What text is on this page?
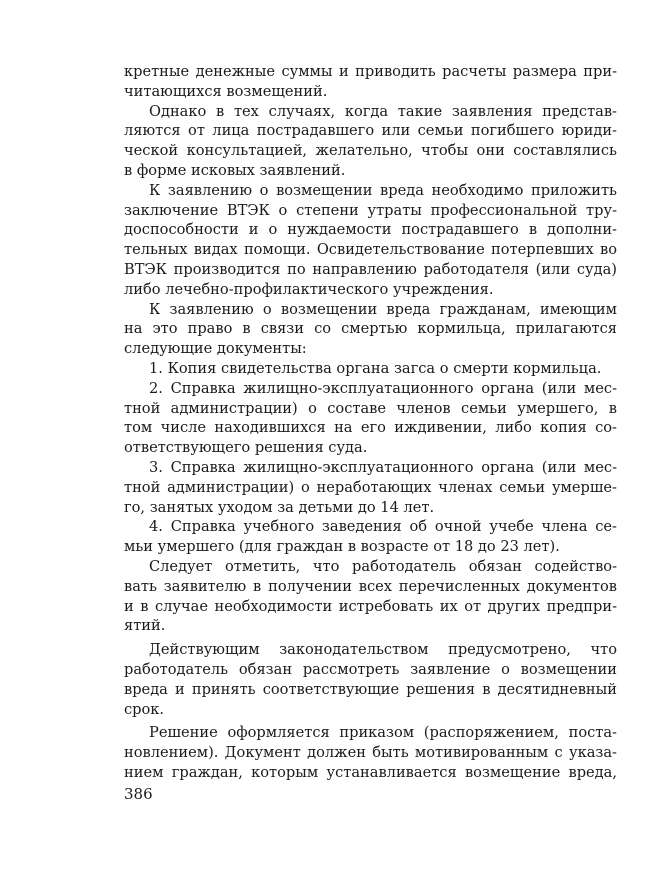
кретные денежные суммы и приводить расчеты размера при-
читающихся возмещений.
Однако в тех случаях, когда такие заявления представ-
ляются от лица пострадавшего или семьи погибшего юриди-
ческой консультацией, желательно, чтобы они составлялись
в форме исковых заявлений.
К заявлению о возмещении вреда необходимо приложить
заключение ВТЭК о степени утраты профессиональной тру-
доспособности и о нуждаемости пострадавшего в дополни-
тельных видах помощи. Освидетельствование потерпевших во
ВТЭК производится по направлению работодателя (или суда)
либо лечебно-профилактического учреждения.
К заявлению о возмещении вреда гражданам, имеющим
на это право в связи со смертью кормильца, прилагаются
следующие документы:
1. Копия свидетельства органа загса о смерти кормильца.
2. Справка жилищно-эксплуатационного органа (или мес-
тной администрации) о составе членов семьи умершего, в
том числе находившихся на его иждивении, либо копия со-
ответствующего решения суда.
3. Справка жилищно-эксплуатационного органа (или мес-
тной администрации) о неработающих членах семьи умерше-
го, занятых уходом за детьми до 14 лет.
4. Справка учебного заведения об очной учебе члена се-
мьи умершего (для граждан в возрасте от 18 до 23 лет).
Следует отметить, что работодатель обязан содейство-
вать заявителю в получении всех перечисленных документов
и в случае необходимости истребовать их от других предпри-
ятий.
Действующим законодательством предусмотрено, что
работодатель обязан рассмотреть заявление о возмещении
вреда и принять соответствующие решения в десятидневный
срок.
Решение оформляется приказом (распоряжением, поста-
новлением). Документ должен быть мотивированным с указа-
нием граждан, которым устанавливается возмещение вреда,
386
